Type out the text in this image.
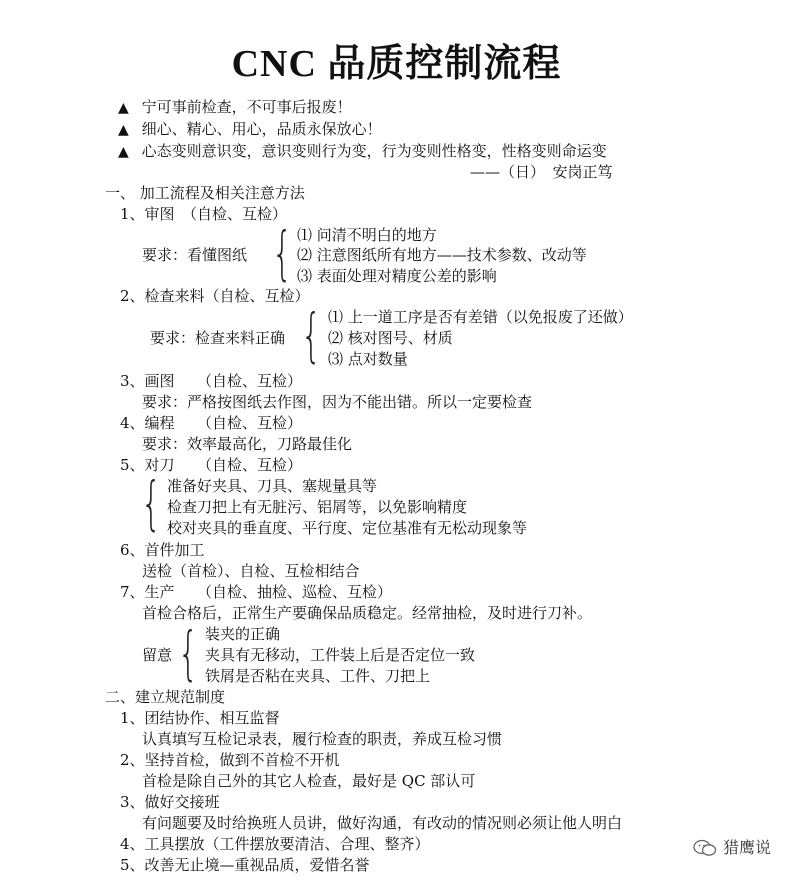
CNC 品质控制流程
▲ 宁可事前检查，不可事后报废！
▲ 细心、精心、用心，品质永保放心！
▲ 心态变则意识变，意识变则行为变，行为变则性格变，性格变则命运变
——（日）　安岗正笃
一、 加工流程及相关注意方法
1、审图　（自检、互检）
要求：看懂图纸 { ⑴ 问清不明白的地方
⑵ 注意图纸所有地方——技术参数、改动等
⑶ 表面处理对精度公差的影响
2、检查来料（自检、互检）
要求：检查来料正确 { ⑴ 上一道工序是否有差错（以免报废了还做）
⑵ 核对图号、材质
⑶ 点对数量
3、画图　　（自检、互检）
要求：严格按图纸去作图，因为不能出错。所以一定要检查
4、编程　　（自检、互检）
要求：效率最高化，刀路最佳化
5、对刀　　（自检、互检）
{ 准备好夹具、刀具、塞规量具等
检查刀把上有无脏污、铝屑等，以免影响精度
校对夹具的垂直度、平行度、定位基准有无松动现象等
6、首件加工
送检（首检）、自检、互检相结合
7、生产　　（自检、抽检、巡检、互检）
首检合格后，正常生产要确保品质稳定。经常抽检，及时进行刀补。
留意 { 装夹的正确
夹具有无移动，工件装上后是否定位一致
铁屑是否粘在夹具、工件、刀把上
二、建立规范制度
1、团结协作、相互监督
认真填写互检记录表，履行检查的职责，养成互检习惯
2、坚持首检，做到不首检不开机
首检是除自己外的其它人检查，最好是 QC 部认可
3、做好交接班
有问题要及时给换班人员讲，做好沟通，有改动的情况则必须让他人明白
4、工具摆放（工件摆放要清洁、合理、整齐）
5、改善无止境—重视品质，爱惜名誉
猎鹰说
